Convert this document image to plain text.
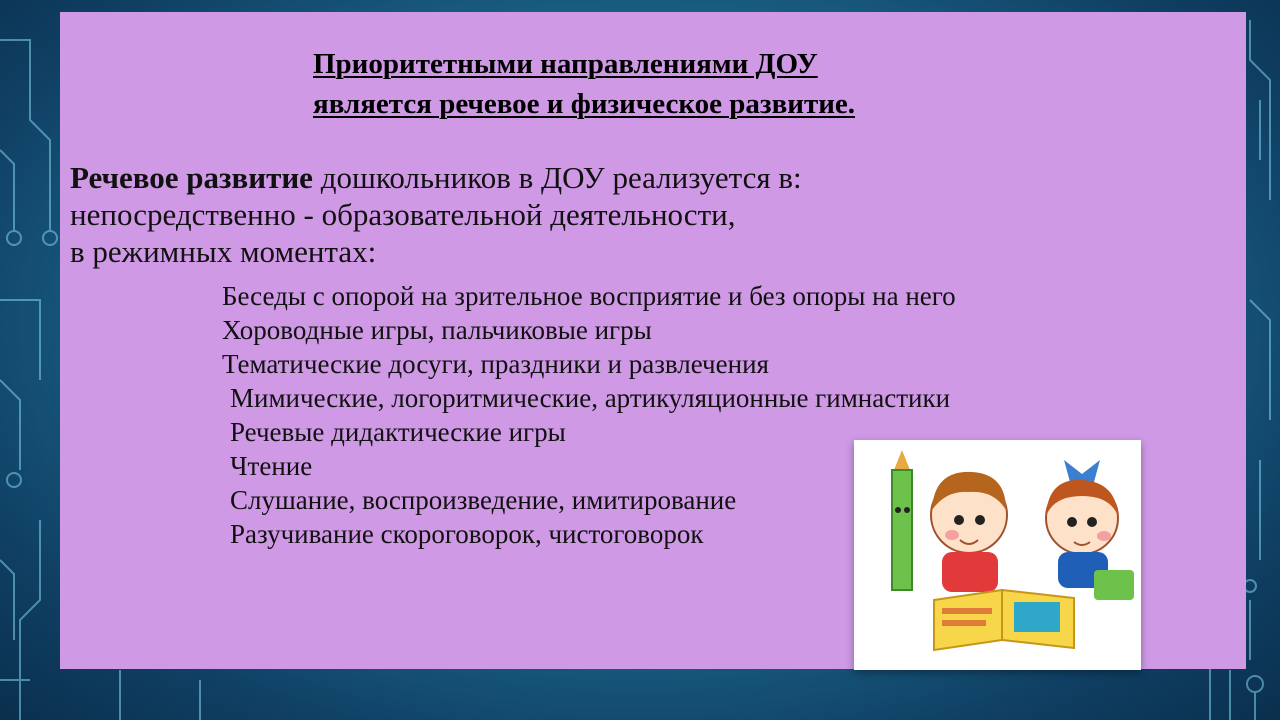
Приоритетными направлениями ДОУ
является речевое и физическое развитие.
Речевое развитие дошкольников в ДОУ реализуется в:
непосредственно - образовательной деятельности,
в режимных моментах:
Беседы с опорой на зрительное восприятие и без опоры на него
Хороводные игры, пальчиковые игры
Тематические досуги, праздники и развлечения
Мимические, логоритмические, артикуляционные гимнастики
Речевые дидактические игры
Чтение
Слушание, воспроизведение, имитирование
Разучивание скороговорок, чистоговорок
